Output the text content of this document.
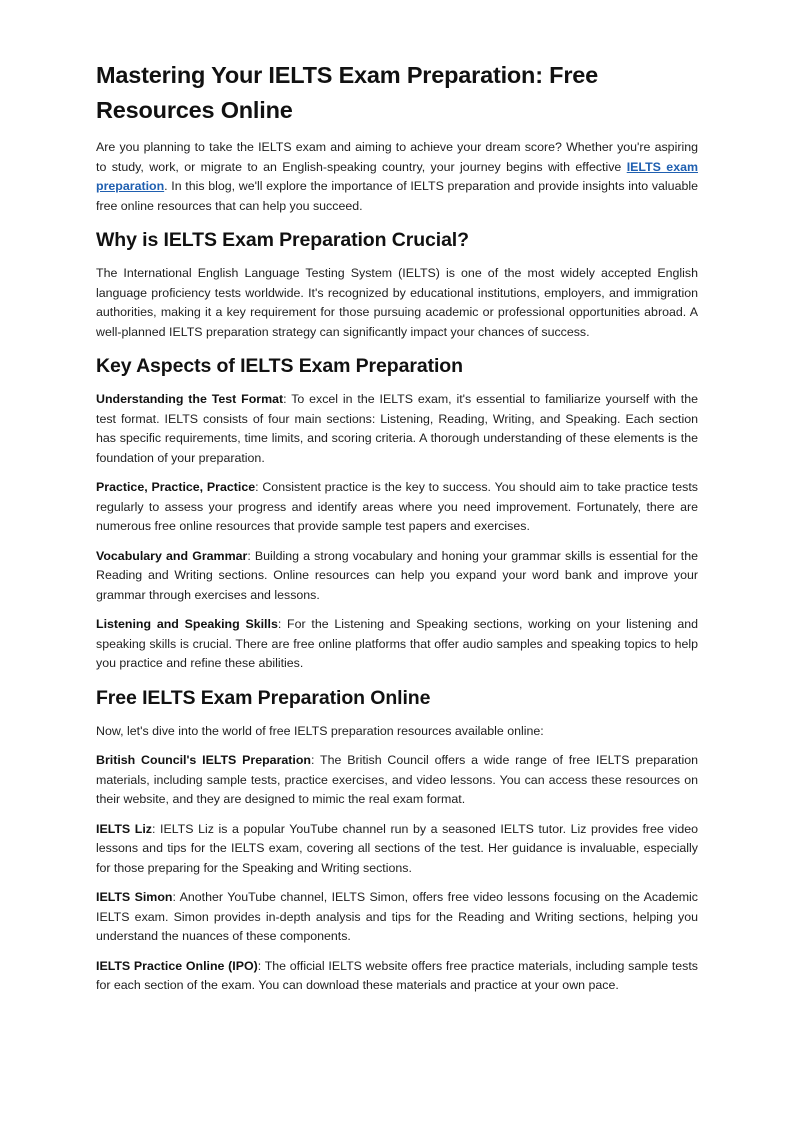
Mastering Your IELTS Exam Preparation: Free Resources Online

Are you planning to take the IELTS exam and aiming to achieve your dream score? Whether you're aspiring to study, work, or migrate to an English-speaking country, your journey begins with effective IELTS exam preparation. In this blog, we'll explore the importance of IELTS preparation and provide insights into valuable free online resources that can help you succeed.

Why is IELTS Exam Preparation Crucial?

The International English Language Testing System (IELTS) is one of the most widely accepted English language proficiency tests worldwide. It's recognized by educational institutions, employers, and immigration authorities, making it a key requirement for those pursuing academic or professional opportunities abroad. A well-planned IELTS preparation strategy can significantly impact your chances of success.

Key Aspects of IELTS Exam Preparation

Understanding the Test Format: To excel in the IELTS exam, it's essential to familiarize yourself with the test format. IELTS consists of four main sections: Listening, Reading, Writing, and Speaking. Each section has specific requirements, time limits, and scoring criteria. A thorough understanding of these elements is the foundation of your preparation.

Practice, Practice, Practice: Consistent practice is the key to success. You should aim to take practice tests regularly to assess your progress and identify areas where you need improvement. Fortunately, there are numerous free online resources that provide sample test papers and exercises.

Vocabulary and Grammar: Building a strong vocabulary and honing your grammar skills is essential for the Reading and Writing sections. Online resources can help you expand your word bank and improve your grammar through exercises and lessons.

Listening and Speaking Skills: For the Listening and Speaking sections, working on your listening and speaking skills is crucial. There are free online platforms that offer audio samples and speaking topics to help you practice and refine these abilities.

Free IELTS Exam Preparation Online

Now, let's dive into the world of free IELTS preparation resources available online:

British Council's IELTS Preparation: The British Council offers a wide range of free IELTS preparation materials, including sample tests, practice exercises, and video lessons. You can access these resources on their website, and they are designed to mimic the real exam format.

IELTS Liz: IELTS Liz is a popular YouTube channel run by a seasoned IELTS tutor. Liz provides free video lessons and tips for the IELTS exam, covering all sections of the test. Her guidance is invaluable, especially for those preparing for the Speaking and Writing sections.

IELTS Simon: Another YouTube channel, IELTS Simon, offers free video lessons focusing on the Academic IELTS exam. Simon provides in-depth analysis and tips for the Reading and Writing sections, helping you understand the nuances of these components.

IELTS Practice Online (IPO): The official IELTS website offers free practice materials, including sample tests for each section of the exam. You can download these materials and practice at your own pace.
